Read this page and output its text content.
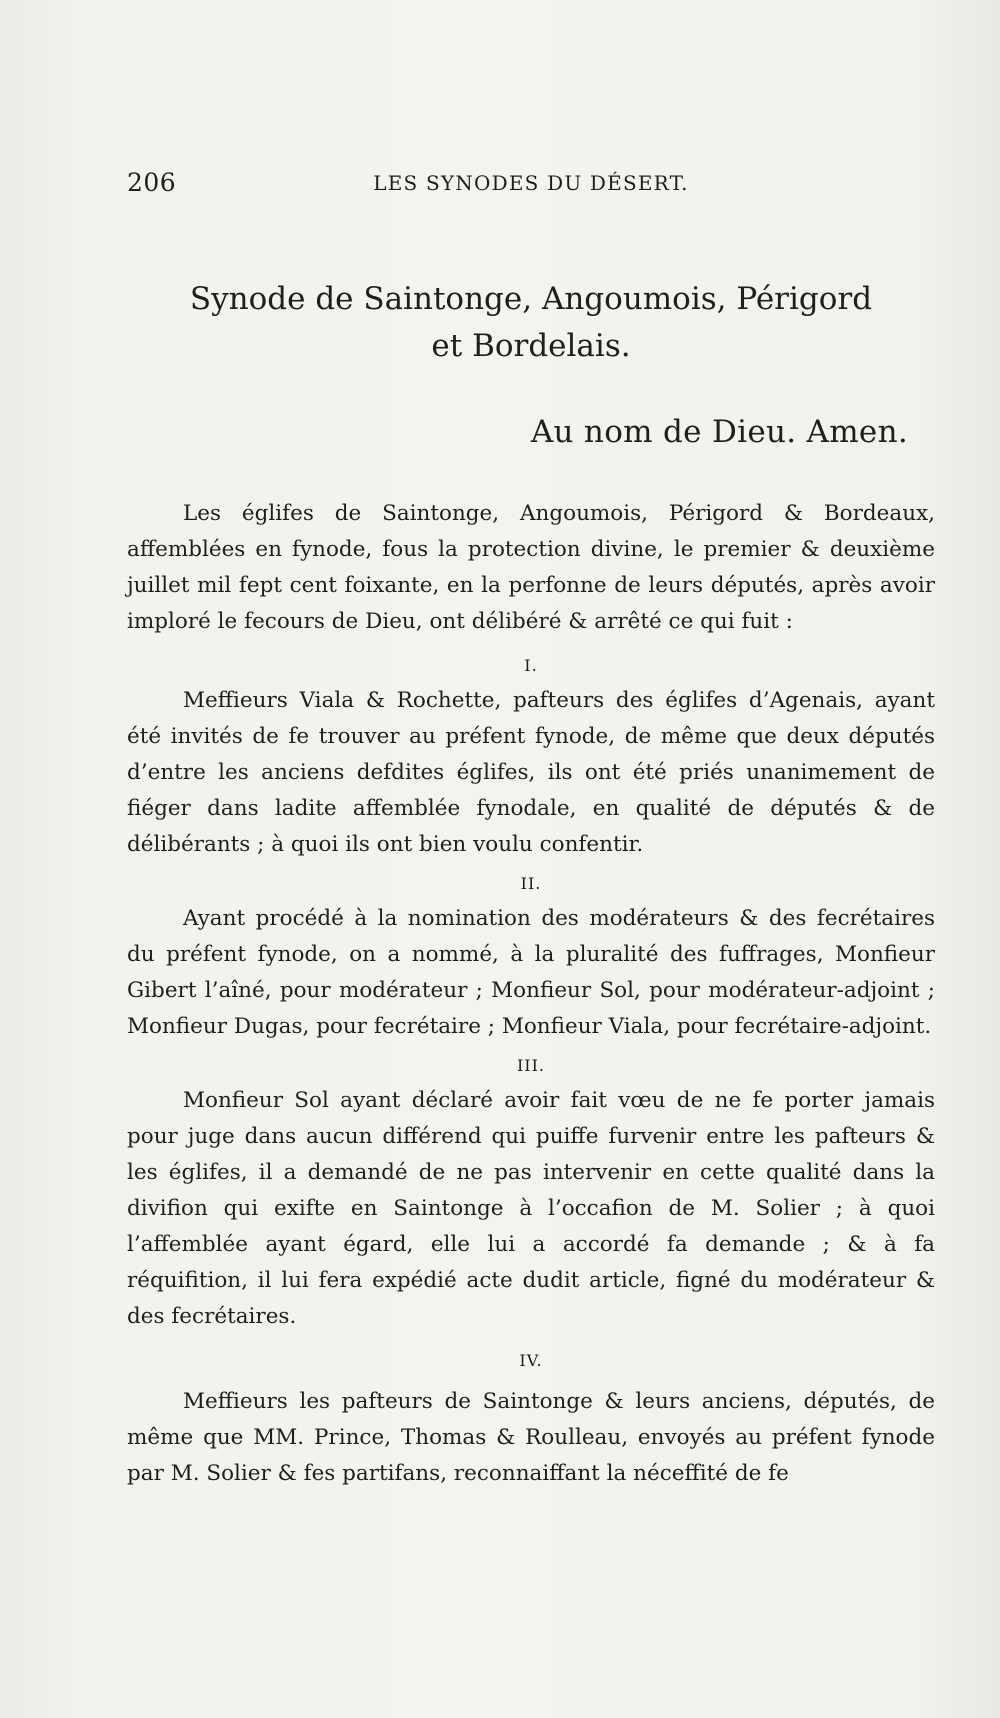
206	LES SYNODES DU DÉSERT.
Synode de Saintonge, Angoumois, Périgord
et Bordelais.
Au nom de Dieu. Amen.

Les églifes de Saintonge, Angoumois, Périgord & Bordeaux, affemblées en fynode, fous la protection divine, le premier & deuxième juillet mil fept cent foixante, en la perfonne de leurs députés, après avoir imploré le fecours de Dieu, ont délibéré & arrêté ce qui fuit :

I.

Meffieurs Viala & Rochette, pafteurs des églifes d’Agenais, ayant été invités de fe trouver au préfent fynode, de même que deux députés d’entre les anciens defdites églifes, ils ont été priés unanimement de fiéger dans ladite affemblée fynodale, en qualité de députés & de délibérants ; à quoi ils ont bien voulu confentir.

II.

Ayant procédé à la nomination des modérateurs & des fecrétaires du préfent fynode, on a nommé, à la pluralité des fuffrages, Monfieur Gibert l’aîné, pour modérateur ; Monfieur Sol, pour modérateur-adjoint ; Monfieur Dugas, pour fecrétaire ; Monfieur Viala, pour fecrétaire-adjoint.

III.

Monfieur Sol ayant déclaré avoir fait vœu de ne fe porter jamais pour juge dans aucun différend qui puiffe furvenir entre les pafteurs & les églifes, il a demandé de ne pas intervenir en cette qualité dans la divifion qui exifte en Saintonge à l’occafion de M. Solier ; à quoi l’affemblée ayant égard, elle lui a accordé fa demande ; & à fa réquifition, il lui fera expédié acte dudit article, figné du modérateur & des fecrétaires.

IV.

Meffieurs les pafteurs de Saintonge & leurs anciens, députés, de même que MM. Prince, Thomas & Roulleau, envoyés au préfent fynode par M. Solier & fes partifans, reconnaiffant la néceffité de fe
